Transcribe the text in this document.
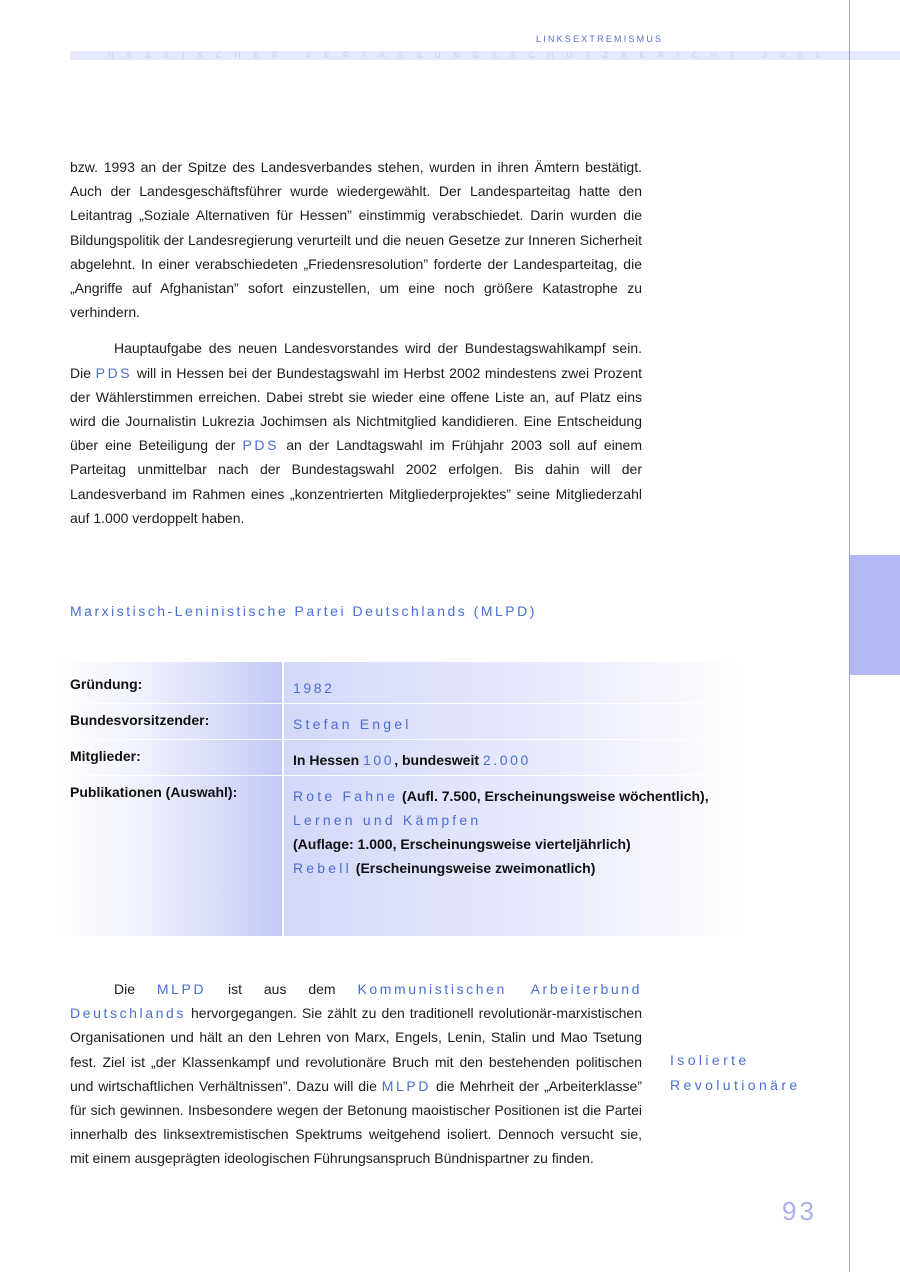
LINKSEXTREMISMUS
H E S S I S C H E R
	V E R F A S S U N G S S C H U T Z B E R I C H T
	2 0 0 1

bzw. 1993 an der Spitze des Landesverbandes stehen, wurden in ihren Ämtern bestätigt. Auch der Landesgeschäftsführer wurde wiedergewählt. Der Landesparteitag hatte den Leitantrag „Soziale Alternativen für Hessen” einstimmig verabschiedet. Darin wurden die Bildungspolitik der Landesregierung verurteilt und die neuen Gesetze zur Inneren Sicherheit abgelehnt. In einer verabschiedeten „Friedensresolution” forderte der Landesparteitag, die „Angriffe auf Afghanistan” sofort einzustellen, um eine noch größere Katastrophe zu verhindern.

Hauptaufgabe des neuen Landesvorstandes wird der Bundestagswahlkampf sein. Die PDS will in Hessen bei der Bundestagswahl im Herbst 2002 mindestens zwei Prozent der Wählerstimmen erreichen. Dabei strebt sie wieder eine offene Liste an, auf Platz eins wird die Journalistin Lukrezia Jochimsen als Nichtmitglied kandidieren. Eine Entscheidung über eine Beteiligung der PDS an der Landtagswahl im Frühjahr 2003 soll auf einem Parteitag unmittelbar nach der Bundestagswahl 2002 erfolgen. Bis dahin will der Landesverband im Rahmen eines „konzentrierten Mitgliederprojektes” seine Mitgliederzahl auf 1.000 verdoppelt haben.

Marxistisch-Leninistische Partei Deutschlands (MLPD)
Gründung:	1982
Bundesvorsitzender:	Stefan Engel
Mitglieder:	In Hessen 100, bundesweit 2.000
Publikationen (Auswahl):	Rote Fahne (Aufl. 7.500, Erscheinungsweise wöchentlich),
Lernen und Kämpfen
(Auflage: 1.000, Erscheinungsweise vierteljährlich)
Rebell (Erscheinungsweise zweimonatlich)

Die MLPD ist aus dem Kommunistischen Arbeiterbund Deutschlands hervorgegangen. Sie zählt zu den traditionell revolutionär-marxistischen Organisationen und hält an den Lehren von Marx, Engels, Lenin, Stalin und Mao Tsetung fest. Ziel ist „der Klassenkampf und revolutionäre Bruch mit den bestehenden politischen und wirtschaftlichen Verhältnissen”. Dazu will die MLPD die Mehrheit der „Arbeiterklasse” für sich gewinnen. Insbesondere wegen der Betonung maoistischer Positionen ist die Partei innerhalb des linksextremistischen Spektrums weitgehend isoliert. Dennoch versucht sie, mit einem ausgeprägten ideologischen Führungsanspruch Bündnispartner zu finden.

Isolierte
Revolutionäre
93
